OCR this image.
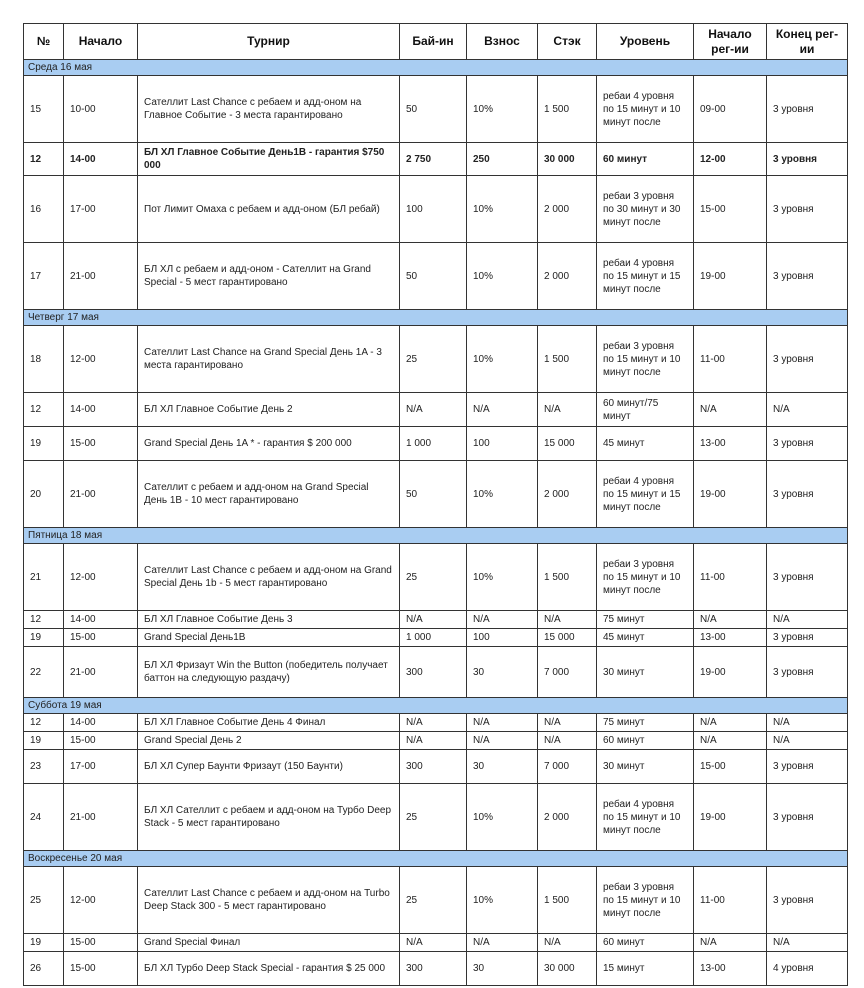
№	Начало	Турнир	Бай-ин	Взнос	Стэк	Уровень	Начало рег-ии	Конец рег-ии
Среда 16 мая								
15	10-00	Сателлит Last Chance с ребаем и адд-оном на Главное Событие - 3 места гарантировано	50	10%	1 500	ребаи 4 уровня по 15 минут и 10 минут после	09-00	3 уровня
12	14-00	БЛ ХЛ Главное Событие День1В - гарантия $750 000	2 750	250	30 000	60 минут	12-00	3 уровня
16	17-00	Пот Лимит Омаха с ребаем и адд-оном (БЛ ребай)	100	10%	2 000	ребаи 3 уровня по 30 минут и 30 минут после	15-00	3 уровня
17	21-00	БЛ ХЛ с ребаем и адд-оном - Сателлит на Grand Special - 5 мест гарантировано	50	10%	2 000	ребаи 4 уровня по 15 минут и 15 минут после	19-00	3 уровня
Четверг 17 мая								
18	12-00	Сателлит Last Chance на Grand Special День 1A - 3 места гарантировано	25	10%	1 500	ребаи 3 уровня по 15 минут и 10 минут после	11-00	3 уровня
12	14-00	БЛ ХЛ Главное Событие День 2	N/A	N/A	N/A	60 минут/75 минут	N/A	N/A
19	15-00	Grand Special День 1A * - гарантия $ 200 000	1 000	100	15 000	45 минут	13-00	3 уровня
20	21-00	Сателлит с ребаем и адд-оном на Grand Special День 1В - 10 мест гарантировано	50	10%	2 000	ребаи 4 уровня по 15 минут и 15 минут после	19-00	3 уровня
Пятница 18 мая								
21	12-00	Сателлит Last Chance с ребаем и адд-оном на Grand Special День 1b - 5 мест гарантировано	25	10%	1 500	ребаи 3 уровня по 15 минут и 10 минут после	11-00	3 уровня
12	14-00	БЛ ХЛ Главное Событие День 3	N/A	N/A	N/A	75 минут	N/A	N/A
19	15-00	Grand Special День1В	1 000	100	15 000	45 минут	13-00	3 уровня
22	21-00	БЛ ХЛ Фризаут Win the Button (победитель получает баттон на следующую раздачу)	300	30	7 000	30 минут	19-00	3 уровня
Суббота 19 мая								
12	14-00	БЛ ХЛ Главное Событие День 4 Финал	N/A	N/A	N/A	75 минут	N/A	N/A
19	15-00	Grand Special День 2	N/A	N/A	N/A	60 минут	N/A	N/A
23	17-00	БЛ ХЛ Супер Баунти Фризаут (150 Баунти)	300	30	7 000	30 минут	15-00	3 уровня
24	21-00	БЛ ХЛ Сателлит с ребаем и адд-оном на Турбо Deep Stack - 5 мест гарантировано	25	10%	2 000	ребаи 4 уровня по 15 минут и 10 минут после	19-00	3 уровня
Воскресенье 20 мая								
25	12-00	Сателлит Last Chance с ребаем и адд-оном на Turbo Deep Stack 300 - 5 мест гарантировано	25	10%	1 500	ребаи 3 уровня по 15 минут и 10 минут после	11-00	3 уровня
19	15-00	Grand Special Финал	N/A	N/A	N/A	60 минут	N/A	N/A
26	15-00	БЛ ХЛ Турбо Deep Stack Special - гарантия $ 25 000	300	30	30 000	15 минут	13-00	4 уровня
